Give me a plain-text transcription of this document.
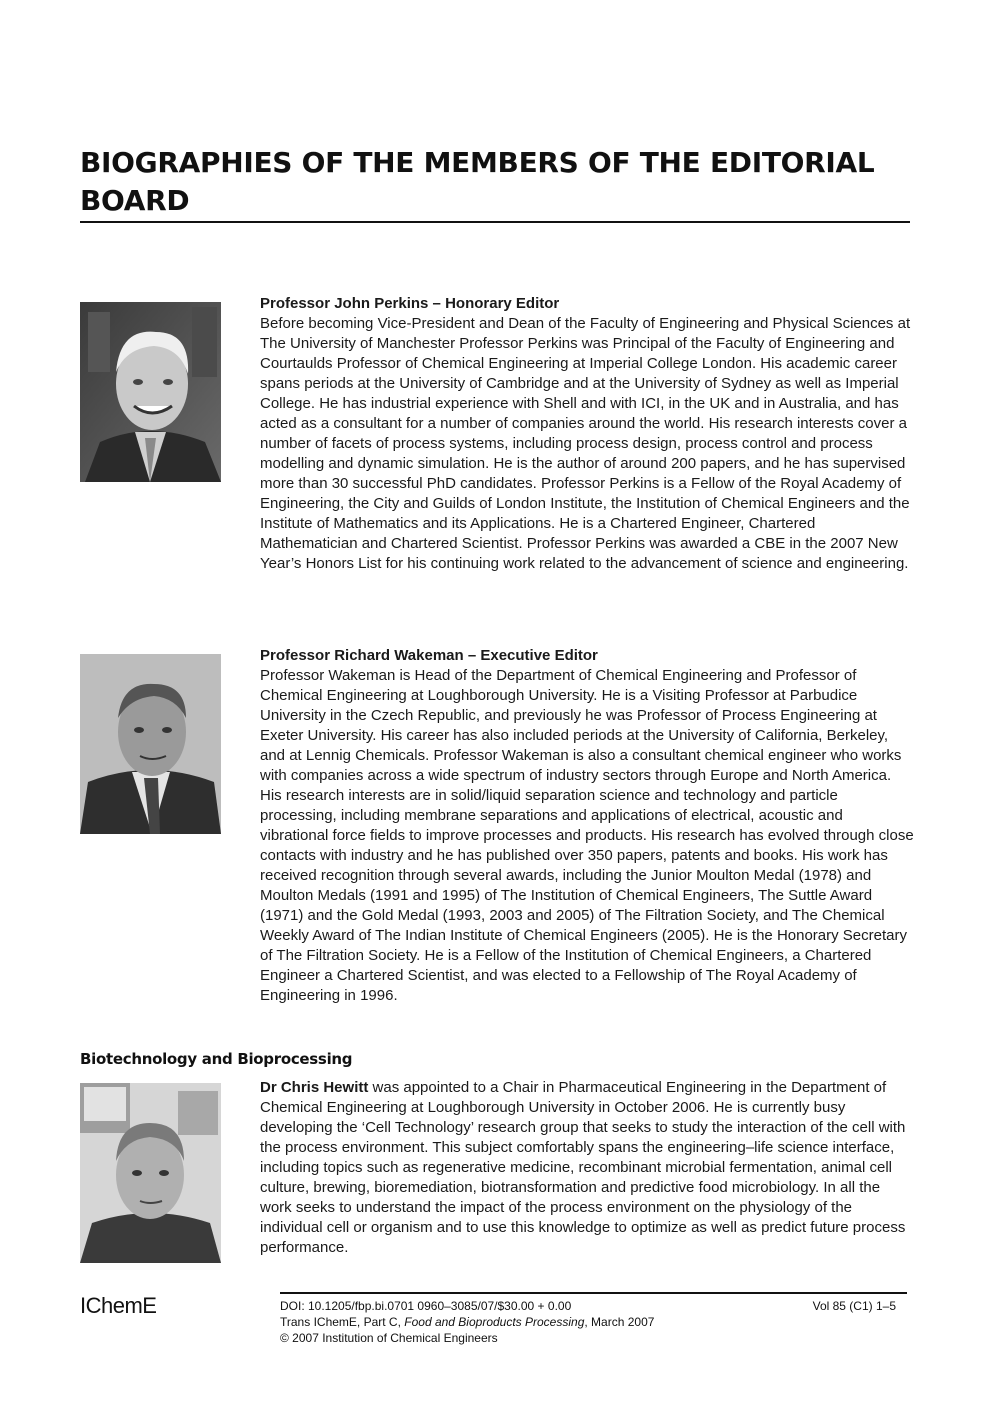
BIOGRAPHIES OF THE MEMBERS OF THE EDITORIAL BOARD
Professor John Perkins – Honorary Editor
Before becoming Vice-President and Dean of the Faculty of Engineering and Physical Sciences at The University of Manchester Professor Perkins was Principal of the Faculty of Engineering and Courtaulds Professor of Chemical Engineering at Imperial College London. His academic career spans periods at the University of Cambridge and at the University of Sydney as well as Imperial College. He has industrial experience with Shell and with ICI, in the UK and in Australia, and has acted as a consultant for a number of companies around the world. His research interests cover a number of facets of process systems, including process design, process control and process modelling and dynamic simulation. He is the author of around 200 papers, and he has supervised more than 30 successful PhD candidates. Professor Perkins is a Fellow of the Royal Academy of Engineering, the City and Guilds of London Institute, the Institution of Chemical Engineers and the Institute of Mathematics and its Applications. He is a Chartered Engineer, Chartered Mathematician and Chartered Scientist. Professor Perkins was awarded a CBE in the 2007 New Year’s Honors List for his continuing work related to the advancement of science and engineering.
Professor Richard Wakeman – Executive Editor
Professor Wakeman is Head of the Department of Chemical Engineering and Professor of Chemical Engineering at Loughborough University. He is a Visiting Professor at Parbudice University in the Czech Republic, and previously he was Professor of Process Engineering at Exeter University. His career has also included periods at the University of California, Berkeley, and at Lennig Chemicals. Professor Wakeman is also a consultant chemical engineer who works with companies across a wide spectrum of industry sectors through Europe and North America. His research interests are in solid/liquid separation science and technology and particle processing, including membrane separations and applications of electrical, acoustic and vibrational force fields to improve processes and products. His research has evolved through close contacts with industry and he has published over 350 papers, patents and books. His work has received recognition through several awards, including the Junior Moulton Medal (1978) and Moulton Medals (1991 and 1995) of The Institution of Chemical Engineers, The Suttle Award (1971) and the Gold Medal (1993, 2003 and 2005) of The Filtration Society, and The Chemical Weekly Award of The Indian Institute of Chemical Engineers (2005). He is the Honorary Secretary of The Filtration Society. He is a Fellow of the Institution of Chemical Engineers, a Chartered Engineer a Chartered Scientist, and was elected to a Fellowship of The Royal Academy of Engineering in 1996.
Biotechnology and Bioprocessing
Dr Chris Hewitt was appointed to a Chair in Pharmaceutical Engineering in the Department of Chemical Engineering at Loughborough University in October 2006. He is currently busy developing the ‘Cell Technology’ research group that seeks to study the interaction of the cell with the process environment. This subject comfortably spans the engineering–life science interface, including topics such as regenerative medicine, recombinant microbial fermentation, animal cell culture, brewing, bioremediation, biotransformation and predictive food microbiology. In all the work seeks to understand the impact of the process environment on the physiology of the individual cell or organism and to use this knowledge to optimize as well as predict future process performance.
IChemE	DOI: 10.1205/fbp.bi.0701 0960–3085/07/$30.00 + 0.00
Trans IChemE, Part C, Food and Bioproducts Processing, March 2007
© 2007 Institution of Chemical Engineers
Vol 85 (C1) 1–5
